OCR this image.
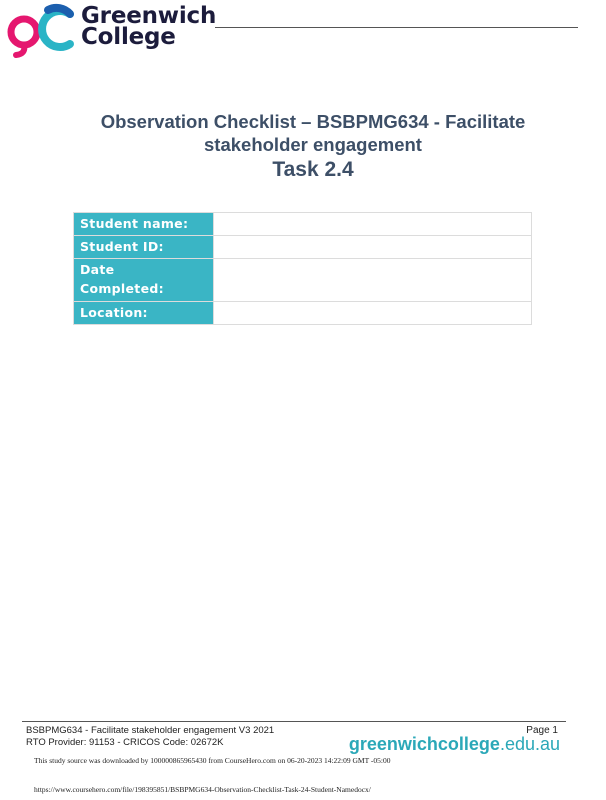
Greenwich
College
Observation Checklist – BSBPMG634 - Facilitate
stakeholder engagement
Task 2.4
Student name:	
Student ID:	

Date
Completed:	

Location:	
BSBPMG634 - Facilitate stakeholder engagement V3 2021
RTO Provider: 91153 - CRICOS Code: 02672K
Page 1
greenwichcollege.edu.au
This study source was downloaded by 100000865965430 from CourseHero.com on 06-20-2023 14:22:09 GMT -05:00
https://www.coursehero.com/file/198395851/BSBPMG634-Observation-Checklist-Task-24-Student-Namedocx/
